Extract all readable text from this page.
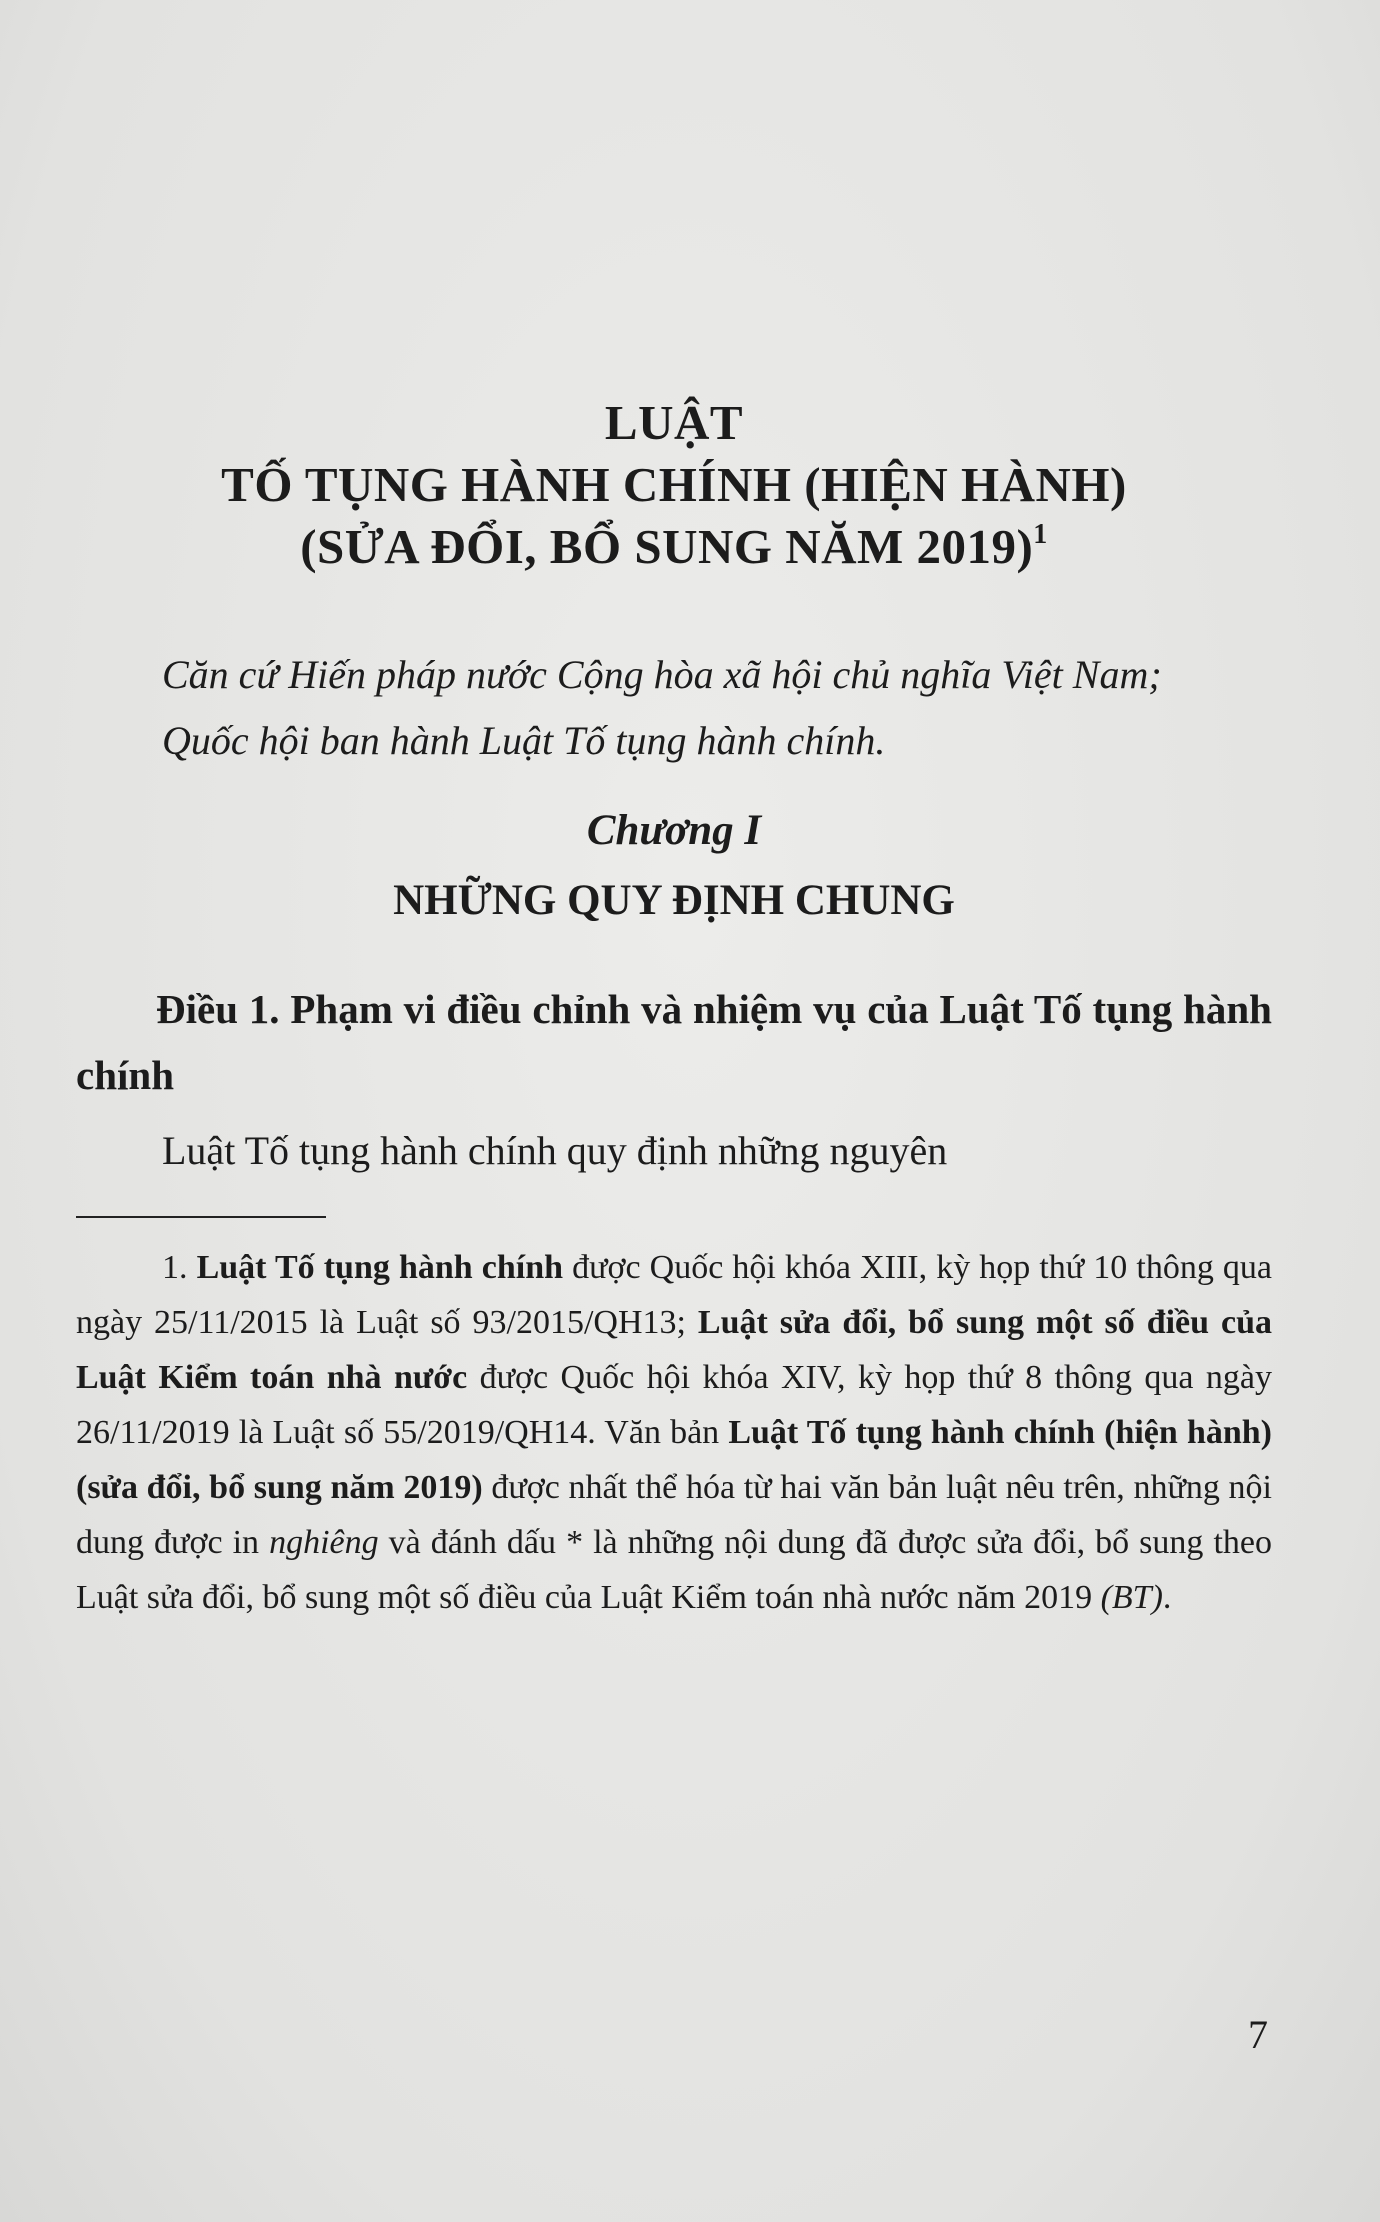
LUẬT
TỐ TỤNG HÀNH CHÍNH (HIỆN HÀNH)
(SỬA ĐỔI, BỔ SUNG NĂM 2019)$^1$

Căn cứ Hiến pháp nước Cộng hòa xã hội chủ nghĩa Việt Nam;

Quốc hội ban hành Luật Tố tụng hành chính.

Chương I

NHỮNG QUY ĐỊNH CHUNG

Điều 1. Phạm vi điều chỉnh và nhiệm vụ của Luật Tố tụng hành chính

Luật Tố tụng hành chính quy định những nguyên

1. Luật Tố tụng hành chính được Quốc hội khóa XIII, kỳ họp thứ 10 thông qua ngày 25/11/2015 là Luật số 93/2015/QH13; Luật sửa đổi, bổ sung một số điều của Luật Kiểm toán nhà nước được Quốc hội khóa XIV, kỳ họp thứ 8 thông qua ngày 26/11/2019 là Luật số 55/2019/QH14. Văn bản Luật Tố tụng hành chính (hiện hành) (sửa đổi, bổ sung năm 2019) được nhất thể hóa từ hai văn bản luật nêu trên, những nội dung được in nghiêng và đánh dấu * là những nội dung đã được sửa đổi, bổ sung theo Luật sửa đổi, bổ sung một số điều của Luật Kiểm toán nhà nước năm 2019 (BT).

7
